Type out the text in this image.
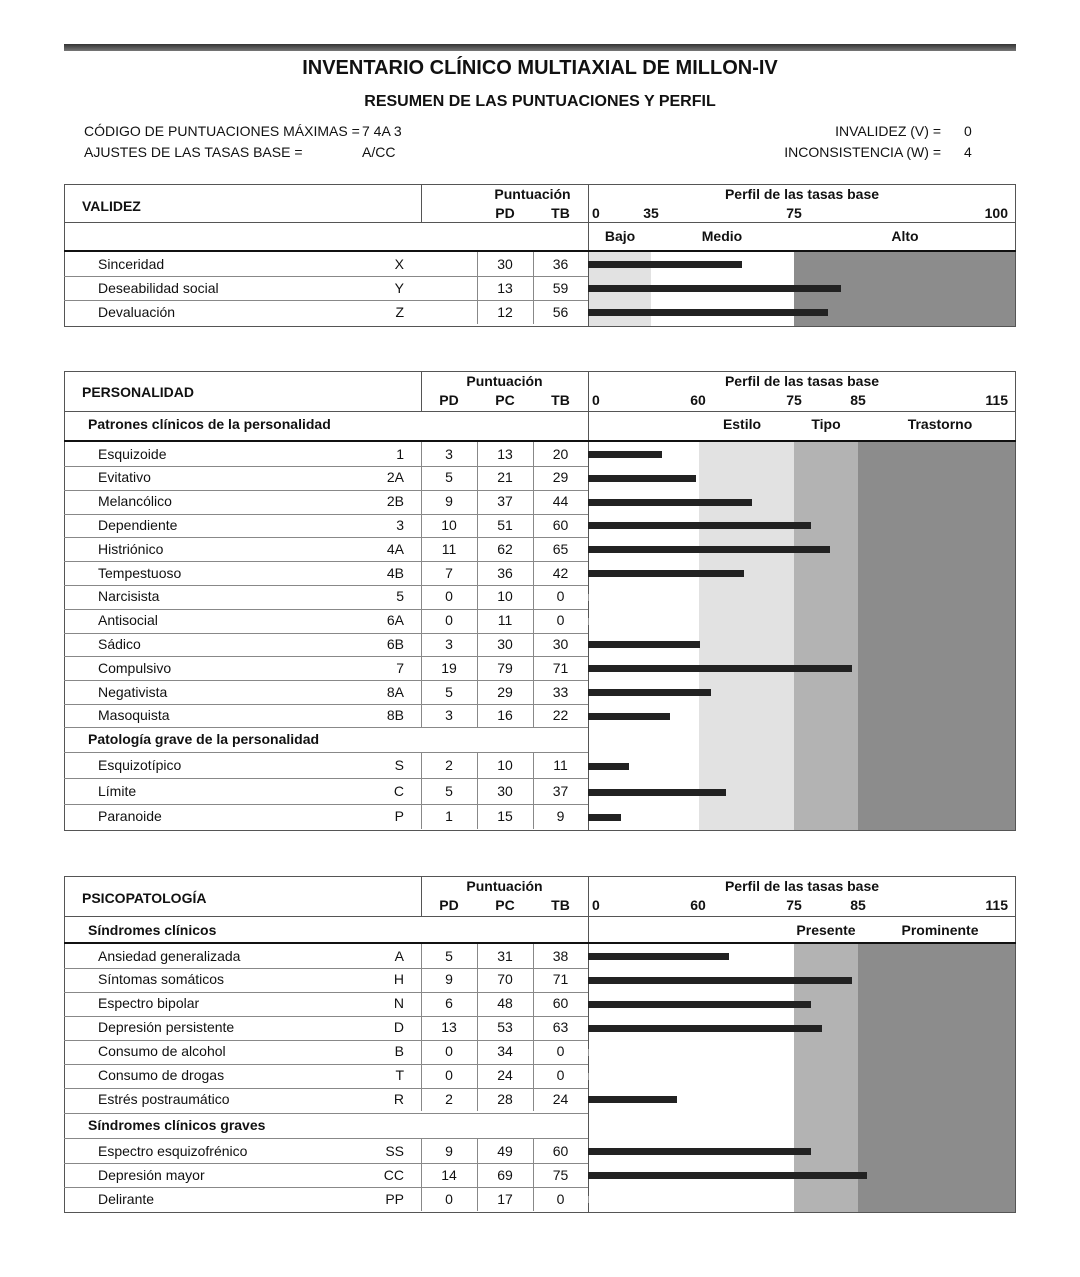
INVENTARIO CLÍNICO MULTIAXIAL DE MILLON-IV
RESUMEN DE LAS PUNTUACIONES Y PERFIL
CÓDIGO DE PUNTUACIONES MÁXIMAS = 7 4A 3
AJUSTES DE LAS TASAS BASE =	A/CC
INVALIDEZ (V) = 0
INCONSISTENCIA (W) = 4
VALIDEZ
Puntuación
PD	TB
Perfil de las tasas base
0	35	75	100
Bajo	Medio	Alto
Sinceridad	X	30	36
Deseabilidad social	Y	13	59
Devaluación	Z	12	56
PERSONALIDAD
Puntuación
PD	PC	TB
Perfil de las tasas base
0	60	75	85	115
Estilo	Tipo	Trastorno
Patrones clínicos de la personalidad
Esquizoide	1	3	13	20
Evitativo	2A	5	21	29
Melancólico	2B	9	37	44
Dependiente	3	10	51	60
Histriónico	4A	11	62	65
Tempestuoso	4B	7	36	42
Narcisista	5	0	10	0
Antisocial	6A	0	11	0
Sádico	6B	3	30	30
Compulsivo	7	19	79	71
Negativista	8A	5	29	33
Masoquista	8B	3	16	22
Patología grave de la personalidad
Esquizotípico	S	2	10	11
Límite	C	5	30	37
Paranoide	P	1	15	9
PSICOPATOLOGÍA
Puntuación
PD	PC	TB
Perfil de las tasas base
0	60	75	85	115
Presente	Prominente
Síndromes clínicos
Ansiedad generalizada	A	5	31	38
Síntomas somáticos	H	9	70	71
Espectro bipolar	N	6	48	60
Depresión persistente	D	13	53	63
Consumo de alcohol	B	0	34	0
Consumo de drogas	T	0	24	0
Estrés postraumático	R	2	28	24
Síndromes clínicos graves
Espectro esquizofrénico	SS	9	49	60
Depresión mayor	CC	14	69	75
Delirante	PP	0	17	0
